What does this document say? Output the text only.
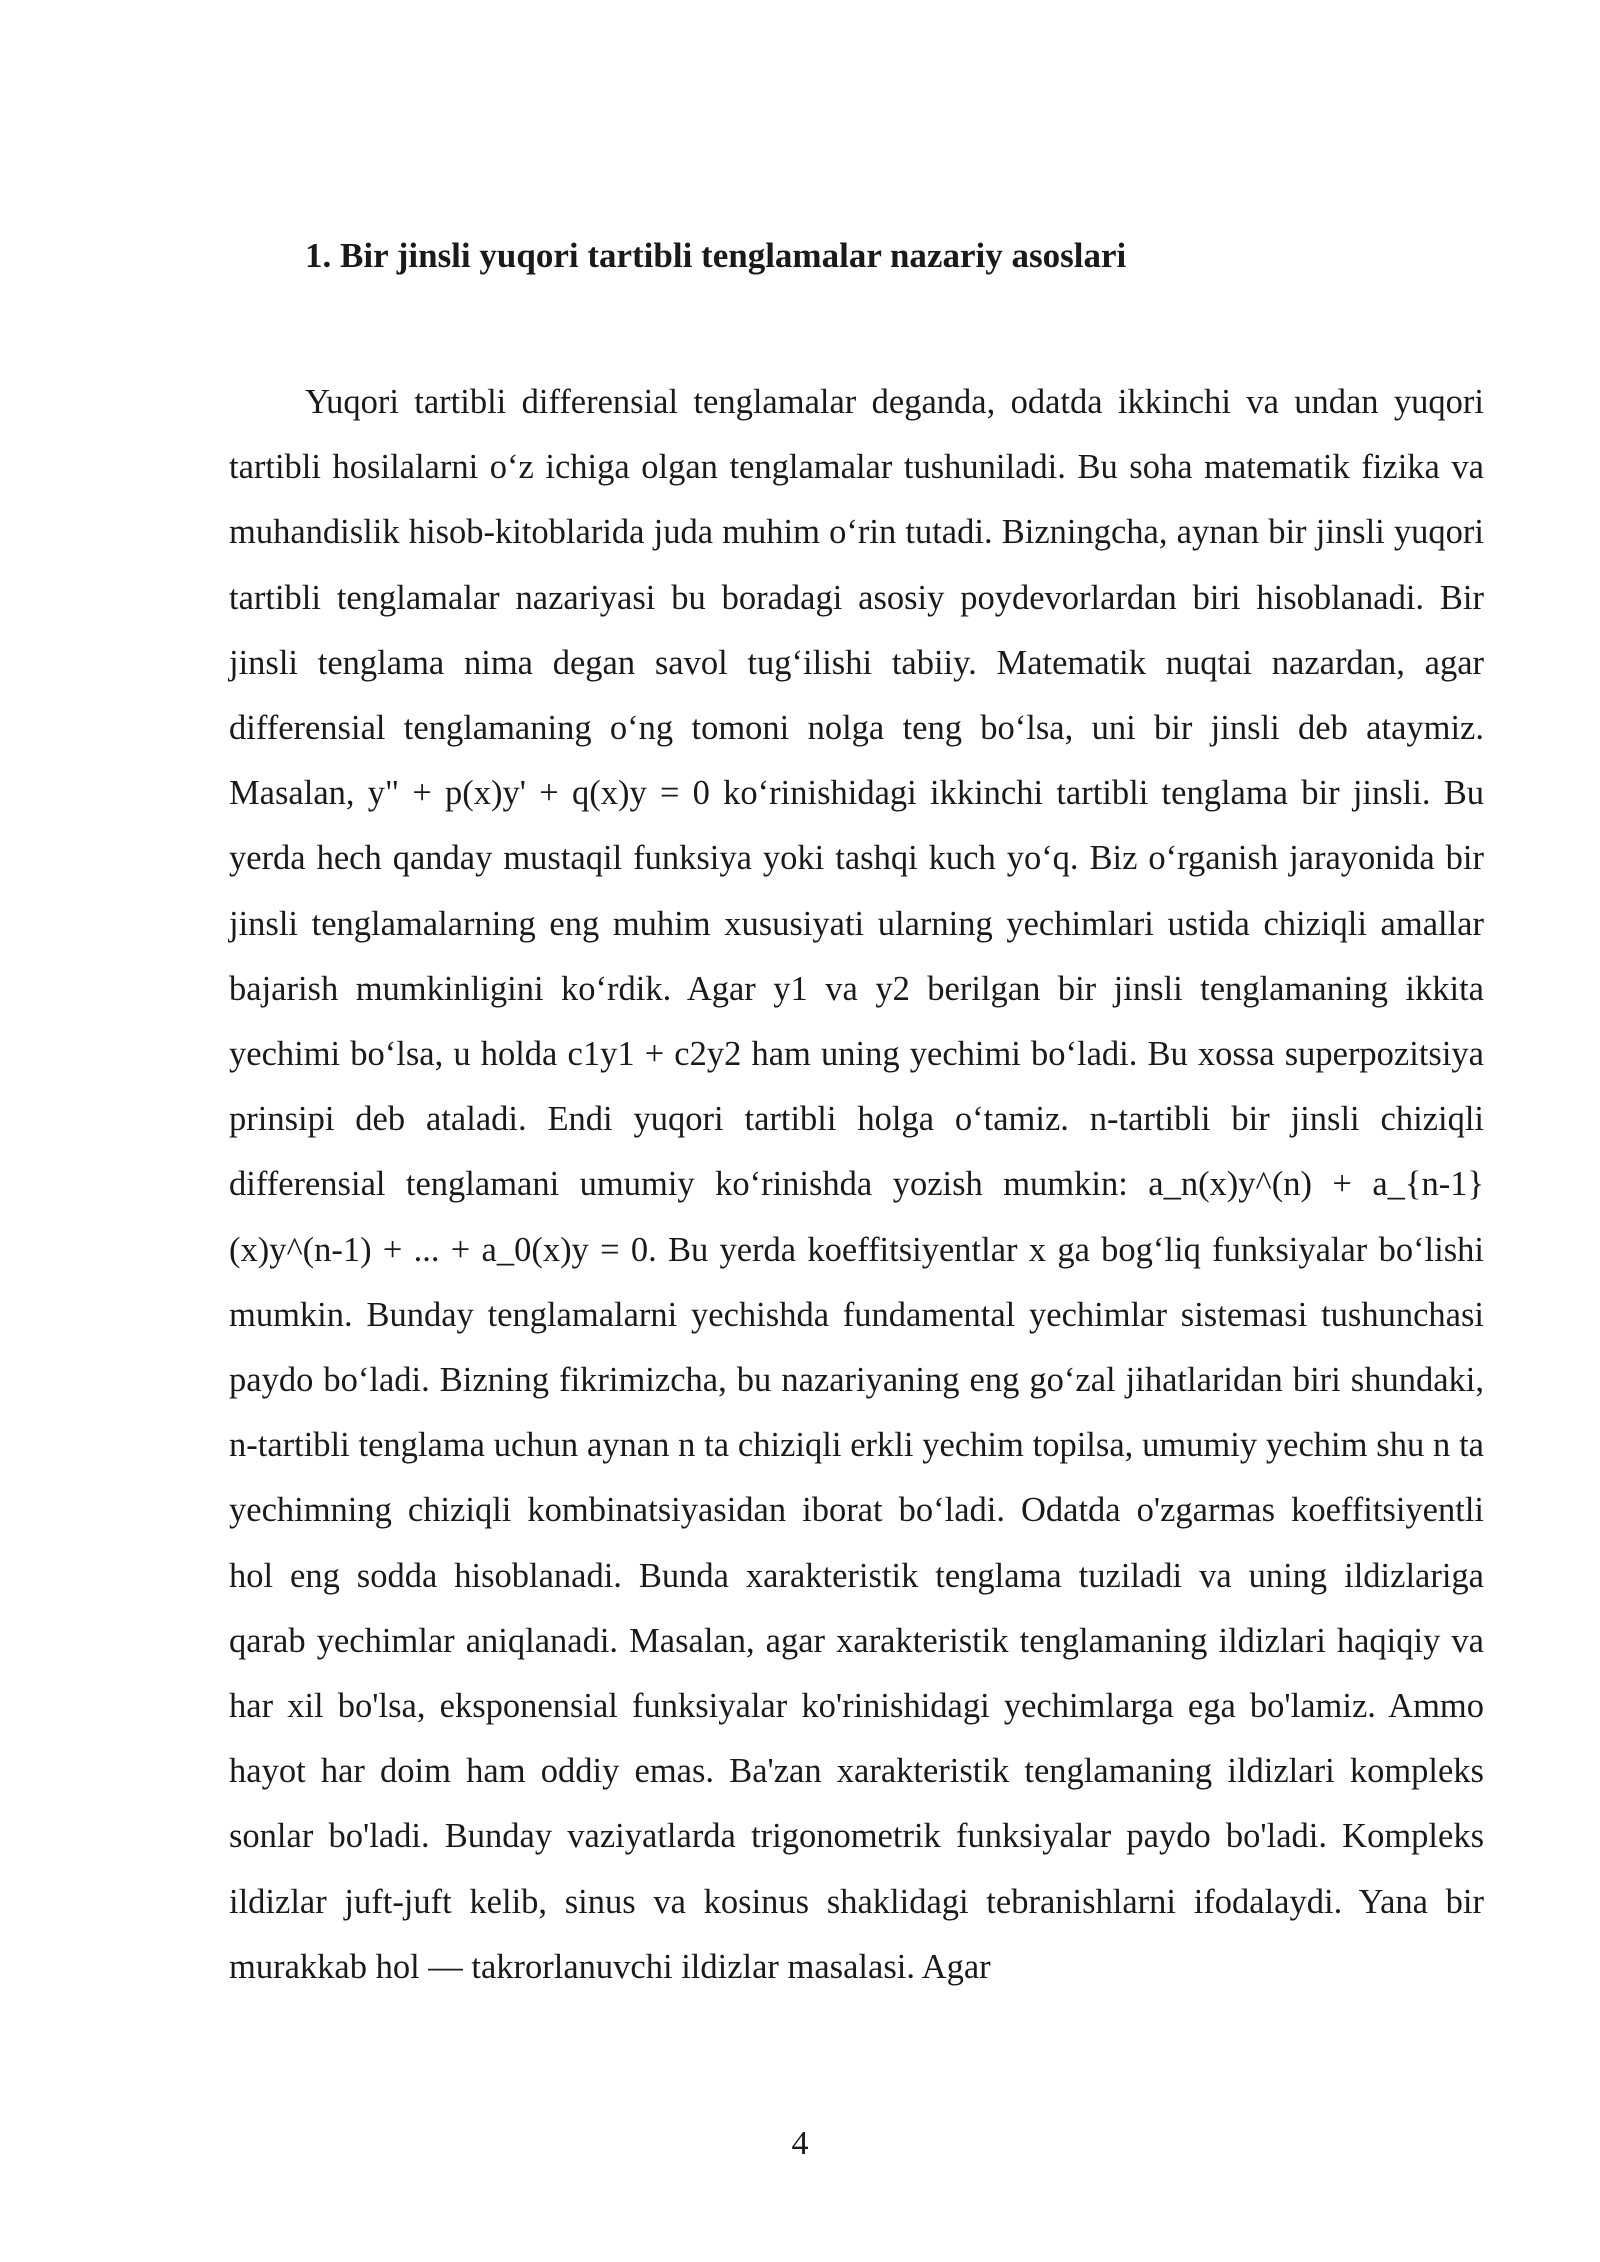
1. Bir jinsli yuqori tartibli tenglamalar nazariy asoslari

Yuqori tartibli differensial tenglamalar deganda, odatda ikkinchi va undan yuqori tartibli hosilalarni o‘z ichiga olgan tenglamalar tushuniladi. Bu soha matematik fizika va muhandislik hisob-kitoblarida juda muhim o‘rin tutadi. Bizningcha, aynan bir jinsli yuqori tartibli tenglamalar nazariyasi bu boradagi asosiy poydevorlardan biri hisoblanadi. Bir jinsli tenglama nima degan savol tug‘ilishi tabiiy. Matematik nuqtai nazardan, agar differensial tenglamaning o‘ng tomoni nolga teng bo‘lsa, uni bir jinsli deb ataymiz. Masalan, y" + p(x)y' + q(x)y = 0 ko‘rinishidagi ikkinchi tartibli tenglama bir jinsli. Bu yerda hech qanday mustaqil funksiya yoki tashqi kuch yo‘q. Biz o‘rganish jarayonida bir jinsli tenglamalarning eng muhim xususiyati ularning yechimlari ustida chiziqli amallar bajarish mumkinligini ko‘rdik. Agar y1 va y2 berilgan bir jinsli tenglamaning ikkita yechimi bo‘lsa, u holda c1y1 + c2y2 ham uning yechimi bo‘ladi. Bu xossa superpozitsiya prinsipi deb ataladi. Endi yuqori tartibli holga o‘tamiz. n-tartibli bir jinsli chiziqli differensial tenglamani umumiy ko‘rinishda yozish mumkin: a_n(x)y^(n) + a_{n-1}(x)y^(n-1) + ... + a_0(x)y = 0. Bu yerda koeffitsiyentlar x ga bog‘liq funksiyalar bo‘lishi mumkin. Bunday tenglamalarni yechishda fundamental yechimlar sistemasi tushunchasi paydo bo‘ladi. Bizning fikrimizcha, bu nazariyaning eng go‘zal jihatlaridan biri shundaki, n-tartibli tenglama uchun aynan n ta chiziqli erkli yechim topilsa, umumiy yechim shu n ta yechimning chiziqli kombinatsiyasidan iborat bo‘ladi. Odatda o'zgarmas koeffitsiyentli hol eng sodda hisoblanadi. Bunda xarakteristik tenglama tuziladi va uning ildizlariga qarab yechimlar aniqlanadi. Masalan, agar xarakteristik tenglamaning ildizlari haqiqiy va har xil bo'lsa, eksponensial funksiyalar ko'rinishidagi yechimlarga ega bo'lamiz. Ammo hayot har doim ham oddiy emas. Ba'zan xarakteristik tenglamaning ildizlari kompleks sonlar bo'ladi. Bunday vaziyatlarda trigonometrik funksiyalar paydo bo'ladi. Kompleks ildizlar juft-juft kelib, sinus va kosinus shaklidagi tebranishlarni ifodalaydi. Yana bir murakkab hol — takrorlanuvchi ildizlar masalasi. Agar

4
